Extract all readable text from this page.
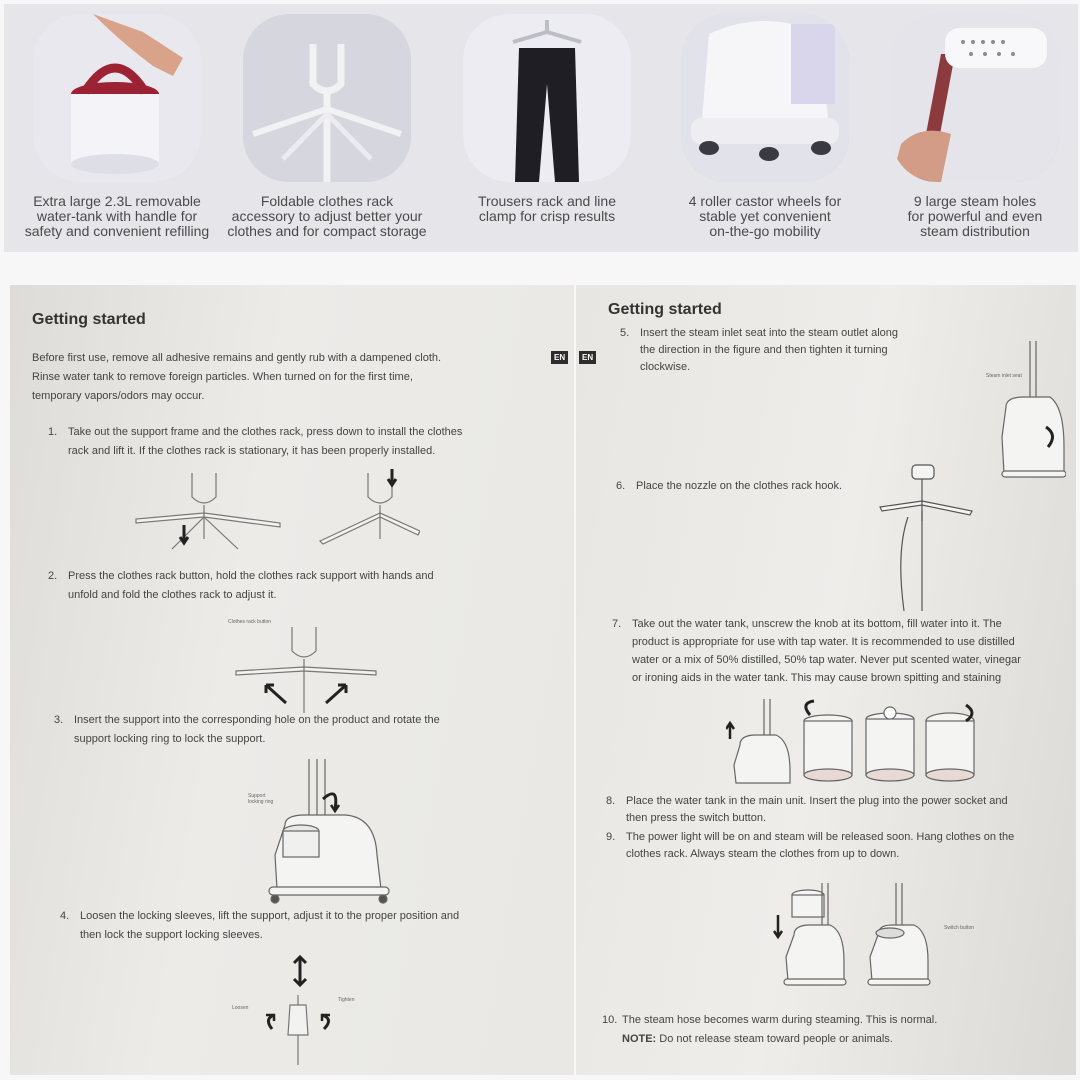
Extra large 2.3L removable
water-tank with handle for
safety and convenient refilling
Foldable clothes rack
accessory to adjust better your
clothes and for compact storage
Trousers rack and line
clamp for crisp results
4 roller castor wheels for
stable yet convenient
on-the-go mobility
9 large steam holes
for powerful and even
steam distribution
Getting started
EN
Before first use, remove all adhesive remains and gently rub with a dampened cloth.
Rinse water tank to remove foreign particles. When turned on for the first time,
temporary vapors/odors may occur.
1. Take out the support frame and the clothes rack, press down to install the clothes
rack and lift it. If the clothes rack is stationary, it has been properly installed.
2. Press the clothes rack button, hold the clothes rack support with hands and
unfold and fold the clothes rack to adjust it.
Clothes rack button
3. Insert the support into the corresponding hole on the product and rotate the
support locking ring to lock the support.
Support
locking ring
4. Loosen the locking sleeves, lift the support, adjust it to the proper position and
then lock the support locking sleeves.
Loosen
Tighten
Getting started
EN
5. Insert the steam inlet seat into the steam outlet along
the direction in the figure and then tighten it turning
clockwise.
Steam inlet seat
6. Place the nozzle on the clothes rack hook.
7. Take out the water tank, unscrew the knob at its bottom, fill water into it. The
product is appropriate for use with tap water. It is recommended to use distilled
water or a mix of 50% distilled, 50% tap water. Never put scented water, vinegar
or ironing aids in the water tank. This may cause brown spitting and staining
8. Place the water tank in the main unit. Insert the plug into the power socket and
then press the switch button.
9. The power light will be on and steam will be released soon. Hang clothes on the
clothes rack. Always steam the clothes from up to down.
Switch button
10. The steam hose becomes warm during steaming. This is normal.
NOTE: Do not release steam toward people or animals.
